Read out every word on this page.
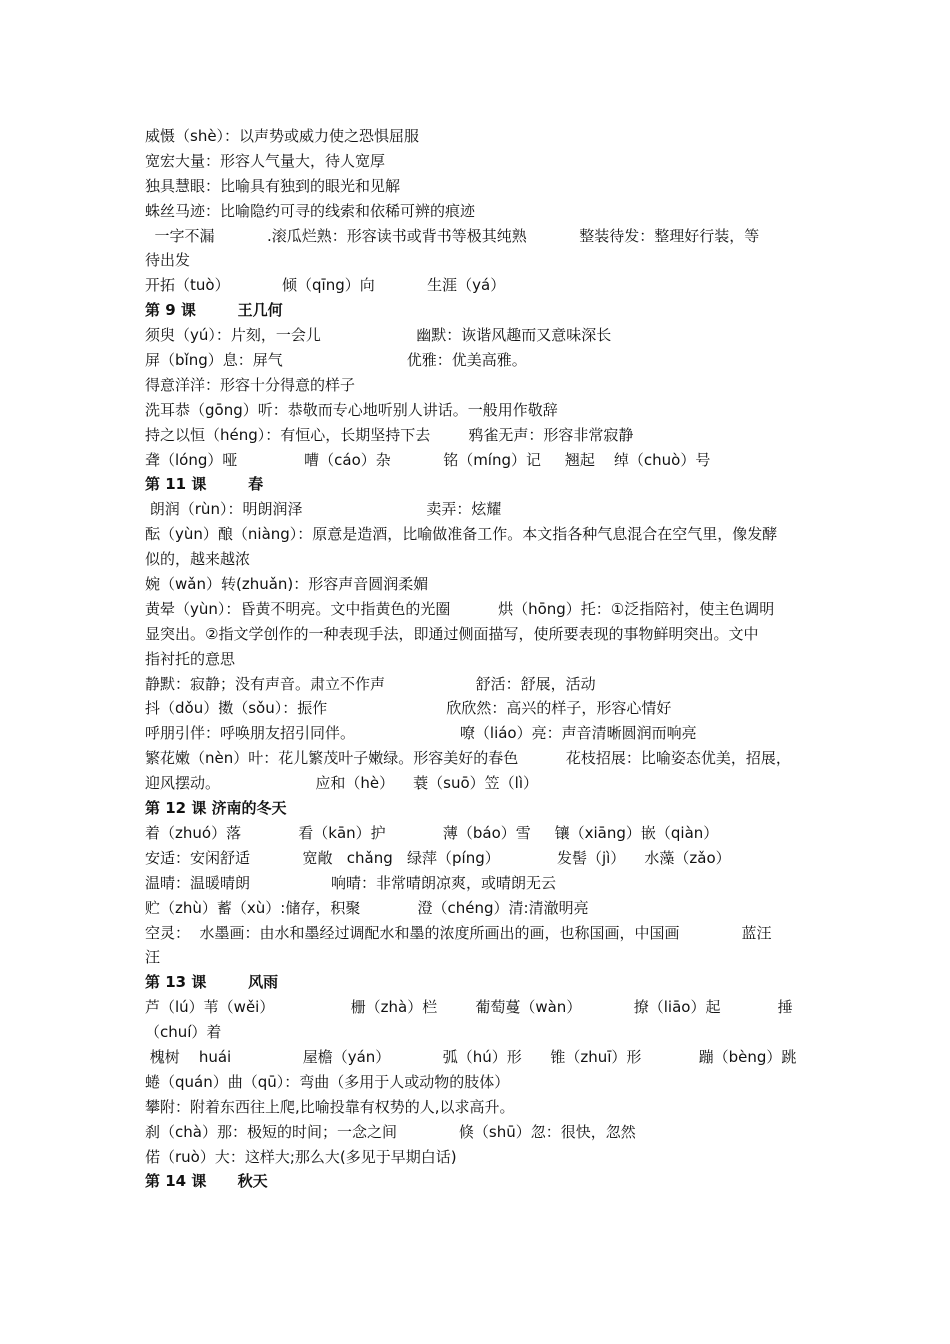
威慑（shè）：以声势或威力使之恐惧屈服
宽宏大量：形容人气量大，待人宽厚
独具慧眼：比喻具有独到的眼光和见解
蛛丝马迹：比喻隐约可寻的线索和依稀可辨的痕迹
一字不漏           .滚瓜烂熟：形容读书或背书等极其纯熟           整装待发：整理好行装，等
待出发
开拓（tuò）           倾（qīng）向           生涯（yá）
第 9 课        王几何
须臾（yú）：片刻，一会儿                    幽默：诙谐风趣而又意味深长
屏（bǐng）息：屏气                          优雅：优美高雅。
得意洋洋：形容十分得意的样子
洗耳恭（gōng）听：恭敬而专心地听别人讲话。一般用作敬辞
持之以恒（héng）：有恒心，长期坚持下去        鸦雀无声：形容非常寂静
聋（lóng）哑              嘈（cáo）杂           铭（míng）记     翘起    绰（chuò）号
第 11 课        春
朗润（rùn）：明朗润泽                          卖弄：炫耀
酝（yùn）酿（niàng）：原意是造酒，比喻做准备工作。本文指各种气息混合在空气里，像发酵
似的，越来越浓
婉（wǎn）转(zhuǎn)：形容声音圆润柔媚
黄晕（yùn）：昏黄不明亮。文中指黄色的光圈          烘（hōng）托：①泛指陪衬，使主色调明
显突出。②指文学创作的一种表现手法，即通过侧面描写，使所要表现的事物鲜明突出。文中
指衬托的意思
静默：寂静；没有声音。肃立不作声                   舒活：舒展，活动
抖（dǒu）擞（sǒu）：振作                         欣欣然：高兴的样子，形容心情好
呼朋引伴：呼唤朋友招引同伴。                      嘹（liáo）亮：声音清晰圆润而响亮
繁花嫩（nèn）叶：花儿繁茂叶子嫩绿。形容美好的春色          花枝招展：比喻姿态优美，招展，
迎风摆动。                    应和（hè）    蓑（suō）笠（lì）
第 12 课 济南的冬天
着（zhuó）落            看（kān）护            薄（báo）雪     镶（xiāng）嵌（qiàn）
安适：安闲舒适           宽敞   chǎng   绿萍（píng）            发髻（jì）    水藻（zǎo）
温晴：温暖晴朗                 响晴：非常晴朗凉爽，或晴朗无云
贮（zhù）蓄（xù）:储存，积聚            澄（chéng）清:清澈明亮
空灵：  水墨画：由水和墨经过调配水和墨的浓度所画出的画，也称国画，中国画             蓝汪
汪
第 13 课        风雨
芦（lú）苇（wěi）                栅（zhà）栏        葡萄蔓（wàn）           撩（liāo）起            捶
（chuí）着
槐树    huái               屋檐（yán）           弧（hú）形      锥（zhuī）形            蹦（bèng）跳
蜷（quán）曲（qū）：弯曲（多用于人或动物的肢体）
攀附：附着东西往上爬,比喻投靠有权势的人,以求高升。
刹（chà）那：极短的时间；一念之间             倏（shū）忽：很快，忽然
偌（ruò）大：这样大;那么大(多见于早期白话)
第 14 课      秋天
